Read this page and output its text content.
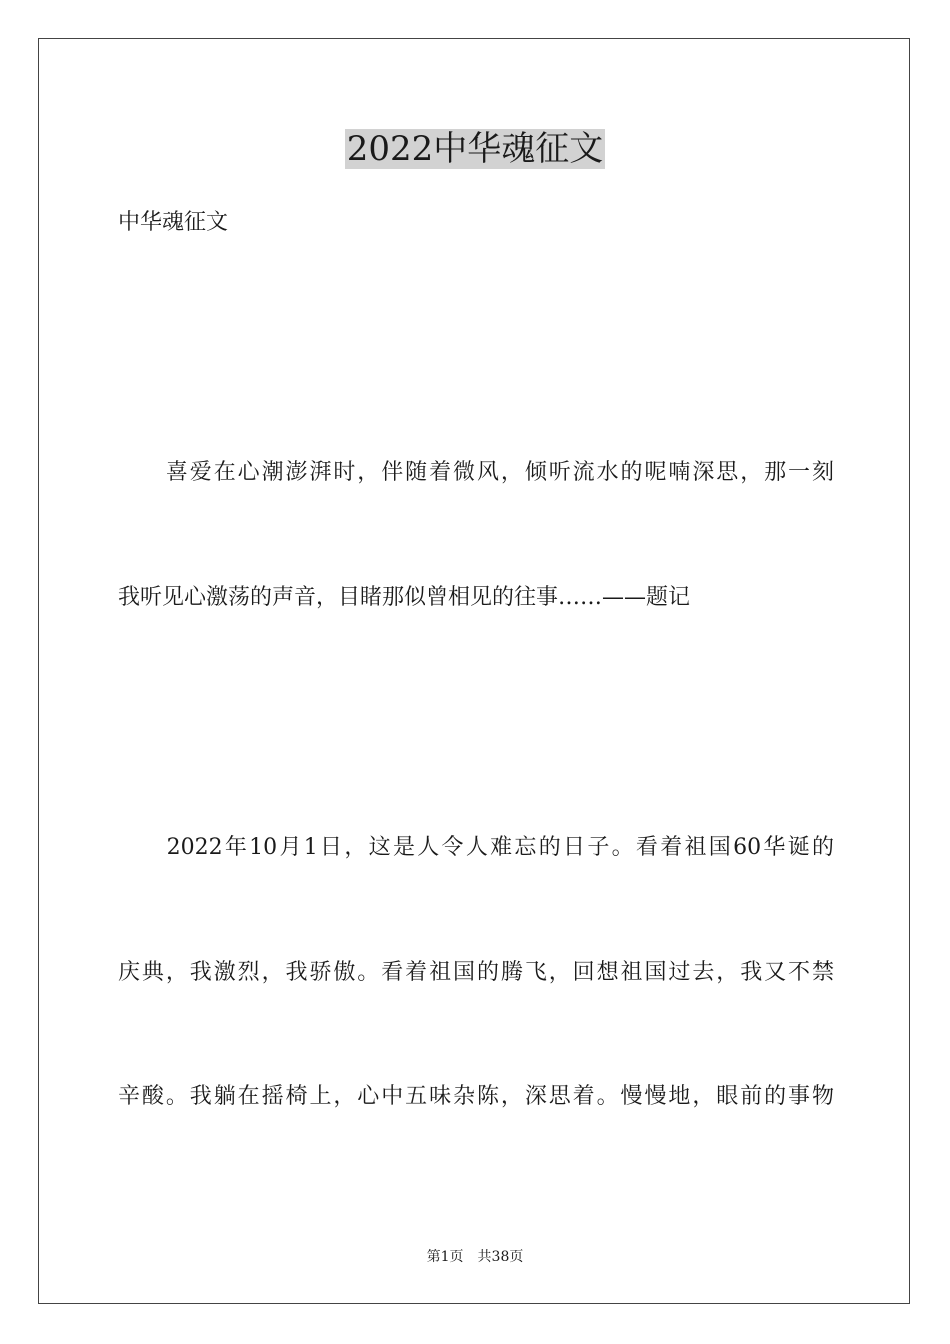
2022中华魂征文
中华魂征文
　　喜爱在心潮澎湃时，伴随着微风，倾听流水的呢喃深思，那一刻
我听见心激荡的声音，目睹那似曾相见的往事……——题记
　　2022年10月1日，这是人令人难忘的日子。看着祖国60华诞的
庆典，我激烈，我骄傲。看着祖国的腾飞，回想祖国过去，我又不禁
辛酸。我躺在摇椅上，心中五味杂陈，深思着。慢慢地，眼前的事物
第1页　共38页
